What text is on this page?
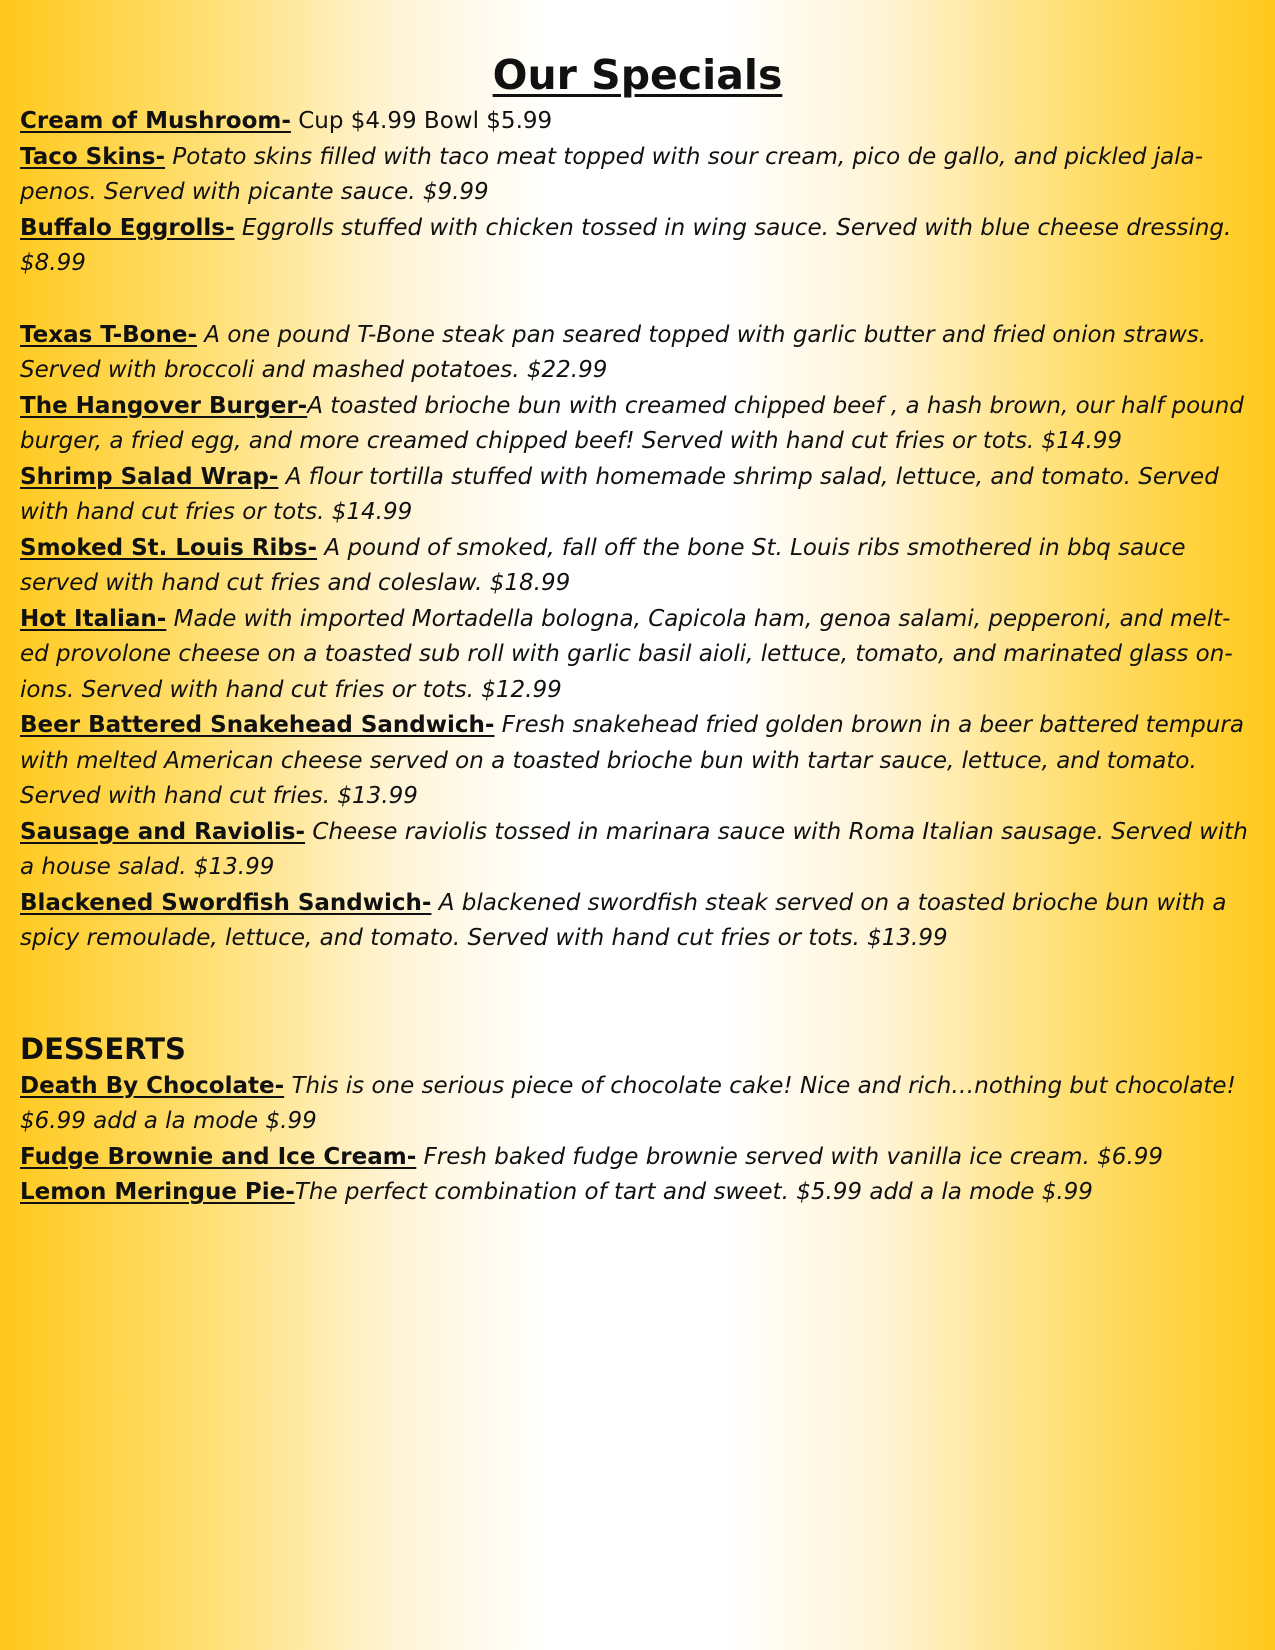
Our Specials
Cream of Mushroom- Cup $4.99 Bowl $5.99
Taco Skins- Potato skins filled with taco meat topped with sour cream, pico de gallo, and pickled jala-penos. Served with picante sauce. $9.99
Buffalo Eggrolls- Eggrolls stuffed with chicken tossed in wing sauce. Served with blue cheese dressing. $8.99
Texas T-Bone- A one pound T-Bone steak pan seared topped with garlic butter and fried onion straws. Served with broccoli and mashed potatoes. $22.99
The Hangover Burger-A toasted brioche bun with creamed chipped beef , a hash brown, our half pound burger, a fried egg, and more creamed chipped beef! Served with hand cut fries or tots. $14.99
Shrimp Salad Wrap- A flour tortilla stuffed with homemade shrimp salad, lettuce, and tomato. Served with hand cut fries or tots. $14.99
Smoked St. Louis Ribs- A pound of smoked, fall off the bone St. Louis ribs smothered in bbq sauce served with hand cut fries and coleslaw. $18.99
Hot Italian- Made with imported Mortadella bologna, Capicola ham, genoa salami, pepperoni, and melt-ed provolone cheese on a toasted sub roll with garlic basil aioli, lettuce, tomato, and marinated glass on-ions. Served with hand cut fries or tots. $12.99
Beer Battered Snakehead Sandwich- Fresh snakehead fried golden brown in a beer battered tempura with melted American cheese served on a toasted brioche bun with tartar sauce, lettuce, and tomato. Served with hand cut fries. $13.99
Sausage and Raviolis- Cheese raviolis tossed in marinara sauce with Roma Italian sausage. Served with a house salad. $13.99
Blackened Swordfish Sandwich- A blackened swordfish steak served on a toasted brioche bun with a spicy remoulade, lettuce, and tomato. Served with hand cut fries or tots. $13.99
DESSERTS
Death By Chocolate- This is one serious piece of chocolate cake! Nice and rich…nothing but chocolate! $6.99 add a la mode $.99
Fudge Brownie and Ice Cream- Fresh baked fudge brownie served with vanilla ice cream. $6.99
Lemon Meringue Pie-The perfect combination of tart and sweet. $5.99 add a la mode $.99
